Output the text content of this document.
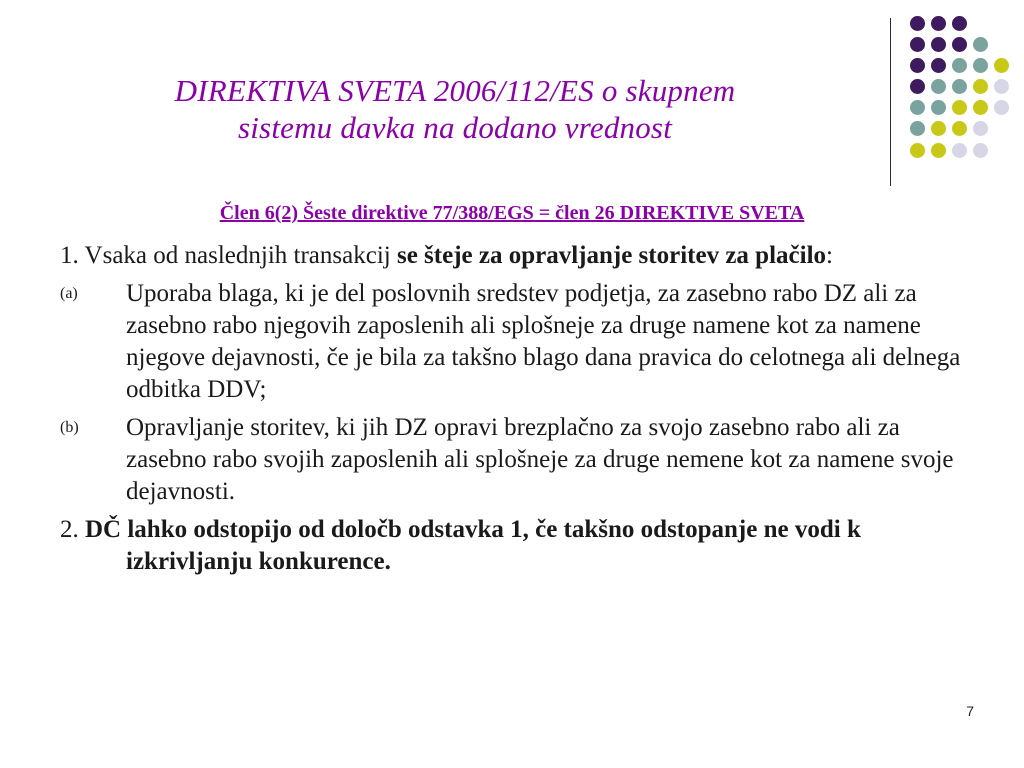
DIREKTIVA SVETA 2006/112/ES o skupnem
sistemu davka na dodano vrednost
Člen 6(2) Šeste direktive 77/388/EGS = člen 26 DIREKTIVE SVETA

1. Vsaka od naslednjih transakcij se šteje za opravljanje storitev za plačilo:

(a) Uporaba blaga, ki je del poslovnih sredstev podjetja, za zasebno rabo DZ ali za zasebno rabo njegovih zaposlenih ali splošneje za druge namene kot za namene njegove dejavnosti, če je bila za takšno blago dana pravica do celotnega ali delnega odbitka DDV;
(b) Opravljanje storitev, ki jih DZ opravi brezplačno za svojo zasebno rabo ali za zasebno rabo svojih zaposlenih ali splošneje za druge nemene kot za namene svoje dejavnosti.

2. DČ lahko odstopijo od določb odstavka 1, če takšno odstopanje ne vodi k izkrivljanju konkurence.

7
